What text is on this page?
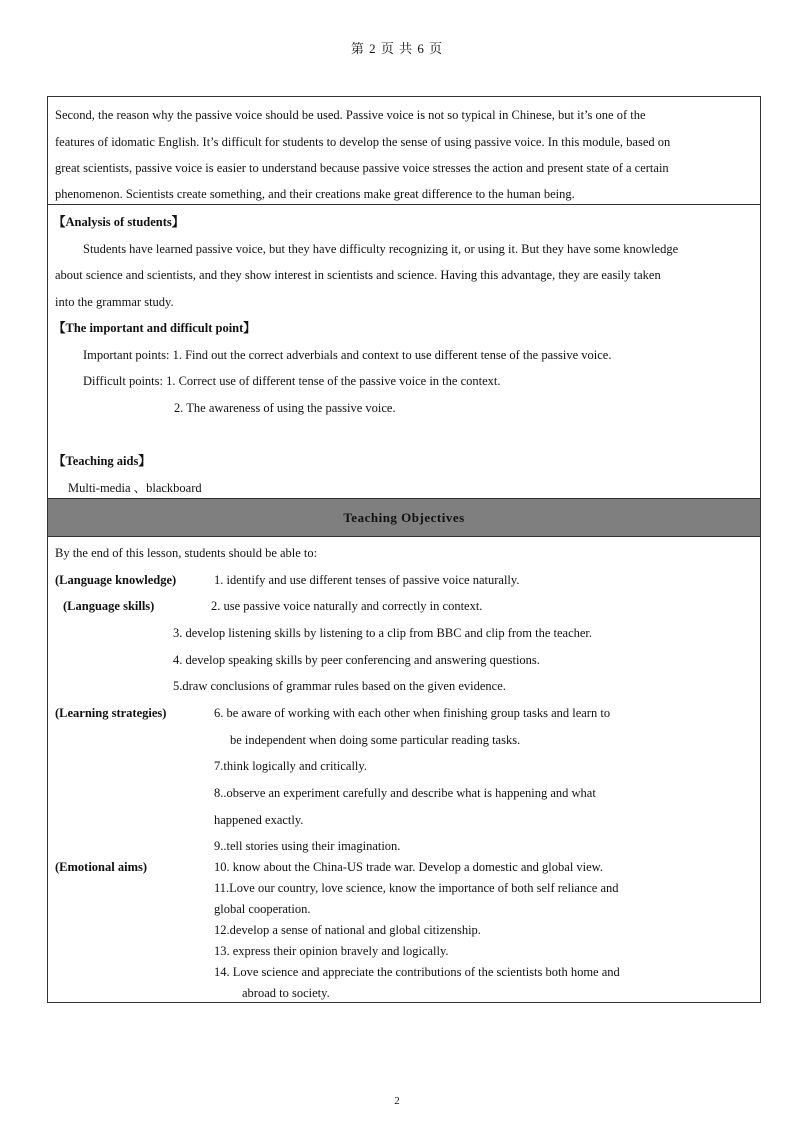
第 2 页 共 6 页
Second, the reason why the passive voice should be used. Passive voice is not so typical in Chinese, but it’s one of the
features of idomatic English. It’s difficult for students to develop the sense of using passive voice. In this module, based on
great scientists, passive voice is easier to understand because passive voice stresses the action and present state of a certain
phenomenon. Scientists create something, and their creations make great difference to the human being.
【Analysis of students】
Students have learned passive voice, but they have difficulty recognizing it, or using it. But they have some knowledge
about science and scientists, and they show interest in scientists and science. Having this advantage, they are easily taken
into the grammar study.
【The important and difficult point】
Important points: 1. Find out the correct adverbials and context to use different tense of the passive voice.
Difficult points: 1. Correct use of different tense of the passive voice in the context.
2. The awareness of using the passive voice.
【Teaching aids】
Multi-media 、blackboard
Teaching Objectives
By the end of this lesson, students should be able to:
(Language knowledge)	1. identify and use different tenses of passive voice naturally.
(Language skills)	2. use passive voice naturally and correctly in context.
3. develop listening skills by listening to a clip from BBC and clip from the teacher.
4. develop speaking skills by peer conferencing and answering questions.
5.draw conclusions of grammar rules based on the given evidence.
(Learning strategies)	6. be aware of working with each other when finishing group tasks and learn to
be independent when doing some particular reading tasks.
7.think logically and critically.
8..observe an experiment carefully and describe what is happening and what
happened exactly.
9..tell stories using their imagination.
(Emotional aims)	10. know about the China-US trade war. Develop a domestic and global view.
11.Love our country, love science, know the importance of both self reliance and
global cooperation.
12.develop a sense of national and global citizenship.
13. express their opinion bravely and logically.
14. Love science and appreciate the contributions of the scientists both home and
abroad to society.
2
